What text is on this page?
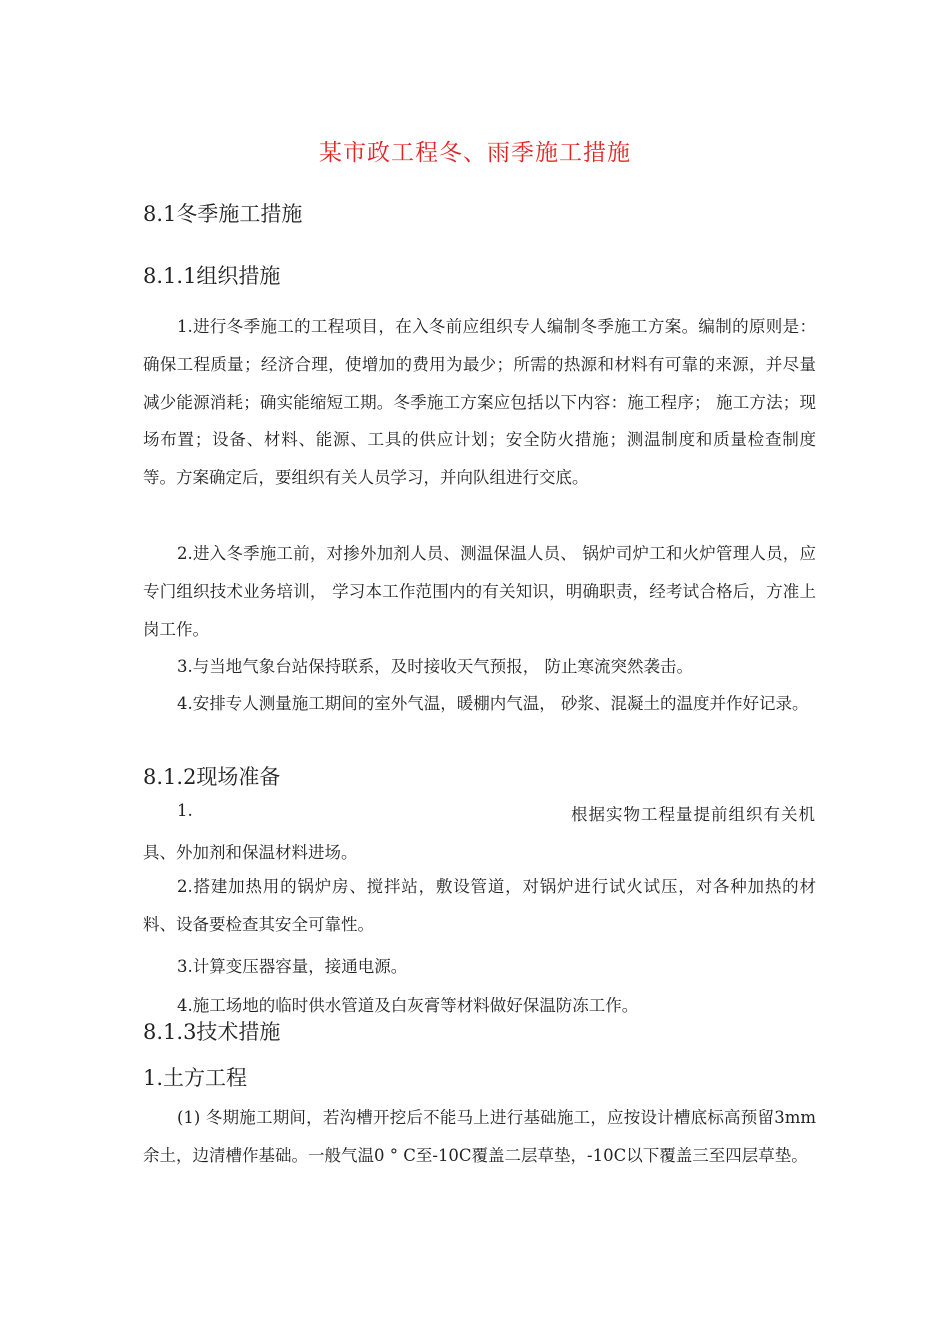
某市政工程冬、雨季施工措施
8.1冬季施工措施
8.1.1组织措施

1.进行冬季施工的工程项目，在入冬前应组织专人编制冬季施工方案。编制的原则是：确保工程质量；经济合理，使增加的费用为最少；所需的热源和材料有可靠的来源，并尽量减少能源消耗；确实能缩短工期。冬季施工方案应包括以下内容：施工程序； 施工方法；现场布置；设备、材料、能源、工具的供应计划；安全防火措施；测温制度和质量检查制度等。方案确定后，要组织有关人员学习，并向队组进行交底。

2.进入冬季施工前，对掺外加剂人员、测温保温人员、 锅炉司炉工和火炉管理人员，应专门组织技术业务培训， 学习本工作范围内的有关知识，明确职责，经考试合格后，方准上岗工作。

3.与当地气象台站保持联系，及时接收天气预报， 防止寒流突然袭击。

4.安排专人测量施工期间的室外气温，暖棚内气温， 砂浆、混凝土的温度并作好记录。

8.1.2现场准备
1.	根据实物工程量提前组织有关机
具、外加剂和保温材料进场。

2.搭建加热用的锅炉房、搅拌站，敷设管道，对锅炉进行试火试压，对各种加热的材料、设备要检查其安全可靠性。

3.计算变压器容量，接通电源。
4.施工场地的临时供水管道及白灰膏等材料做好保温防冻工作。
8.1.3技术措施
1.土方工程

(1) 冬期施工期间，若沟槽开挖后不能马上进行基础施工，应按设计槽底标高预留3mm余土，边清槽作基础。一般气温0 ° C至-10C覆盖二层草垫，-10C以下覆盖三至四层草垫。
